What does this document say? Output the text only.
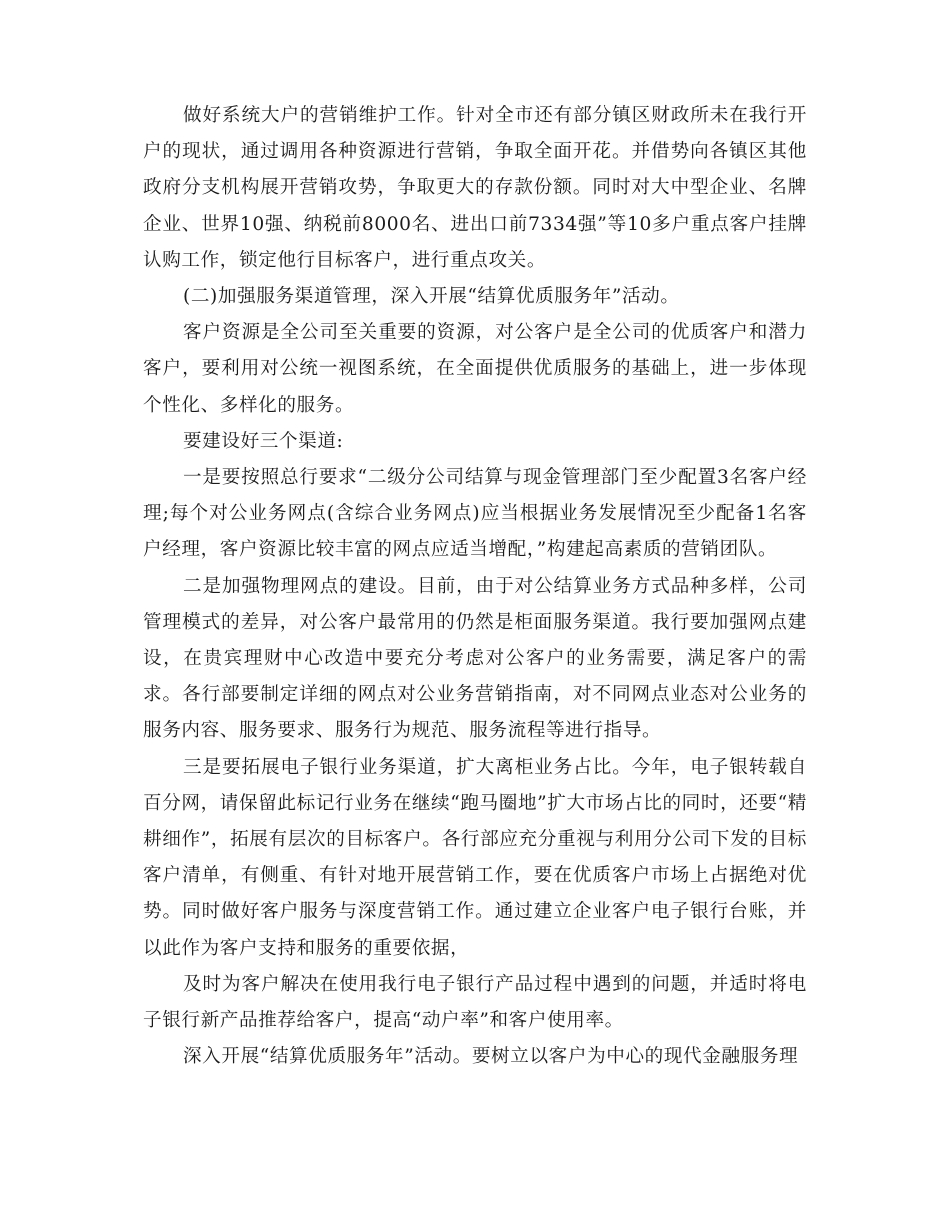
做好系统大户的营销维护工作。针对全市还有部分镇区财政所未在我行开户的现状，通过调用各种资源进行营销，争取全面开花。并借势向各镇区其他政府分支机构展开营销攻势，争取更大的存款份额。同时对大中型企业、名牌企业、世界10强、纳税前8000名、进出口前7334强”等10多户重点客户挂牌认购工作，锁定他行目标客户，进行重点攻关。

(二)加强服务渠道管理，深入开展“结算优质服务年”活动。

客户资源是全公司至关重要的资源，对公客户是全公司的优质客户和潜力客户，要利用对公统一视图系统，在全面提供优质服务的基础上，进一步体现个性化、多样化的服务。

要建设好三个渠道:

一是要按照总行要求“二级分公司结算与现金管理部门至少配置3名客户经理;每个对公业务网点(含综合业务网点)应当根据业务发展情况至少配备1名客户经理，客户资源比较丰富的网点应适当增配，”构建起高素质的营销团队。

二是加强物理网点的建设。目前，由于对公结算业务方式品种多样，公司管理模式的差异，对公客户最常用的仍然是柜面服务渠道。我行要加强网点建设，在贵宾理财中心改造中要充分考虑对公客户的业务需要，满足客户的需求。各行部要制定详细的网点对公业务营销指南，对不同网点业态对公业务的服务内容、服务要求、服务行为规范、服务流程等进行指导。

三是要拓展电子银行业务渠道，扩大离柜业务占比。今年，电子银转载自百分网，请保留此标记行业务在继续“跑马圈地”扩大市场占比的同时，还要“精耕细作”，拓展有层次的目标客户。各行部应充分重视与利用分公司下发的目标客户清单，有侧重、有针对地开展营销工作，要在优质客户市场上占据绝对优势。同时做好客户服务与深度营销工作。通过建立企业客户电子银行台账，并以此作为客户支持和服务的重要依据，

及时为客户解决在使用我行电子银行产品过程中遇到的问题，并适时将电子银行新产品推荐给客户，提高“动户率”和客户使用率。

深入开展“结算优质服务年”活动。要树立以客户为中心的现代金融服务理
